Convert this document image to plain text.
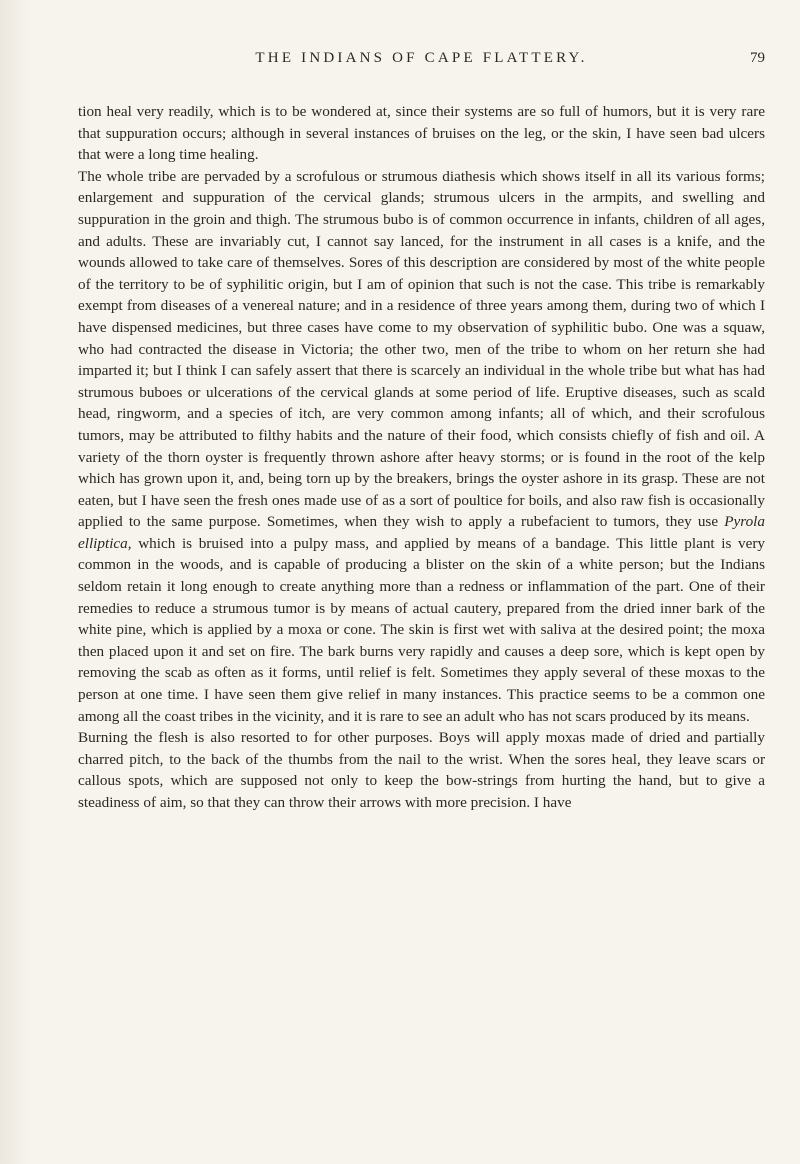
THE INDIANS OF CAPE FLATTERY.	79

tion heal very readily, which is to be wondered at, since their systems are so full of humors, but it is very rare that suppuration occurs; although in several instances of bruises on the leg, or the skin, I have seen bad ulcers that were a long time healing.

The whole tribe are pervaded by a scrofulous or strumous diathesis which shows itself in all its various forms; enlargement and suppuration of the cervical glands; strumous ulcers in the armpits, and swelling and suppuration in the groin and thigh. The strumous bubo is of common occurrence in infants, children of all ages, and adults. These are invariably cut, I cannot say lanced, for the instrument in all cases is a knife, and the wounds allowed to take care of themselves. Sores of this description are considered by most of the white people of the territory to be of syphilitic origin, but I am of opinion that such is not the case. This tribe is remarkably exempt from diseases of a venereal nature; and in a residence of three years among them, during two of which I have dispensed medicines, but three cases have come to my observation of syphilitic bubo. One was a squaw, who had contracted the disease in Victoria; the other two, men of the tribe to whom on her return she had imparted it; but I think I can safely assert that there is scarcely an individual in the whole tribe but what has had strumous buboes or ulcerations of the cervical glands at some period of life. Eruptive diseases, such as scald head, ringworm, and a species of itch, are very common among infants; all of which, and their scrofulous tumors, may be attributed to filthy habits and the nature of their food, which consists chiefly of fish and oil. A variety of the thorn oyster is frequently thrown ashore after heavy storms; or is found in the root of the kelp which has grown upon it, and, being torn up by the breakers, brings the oyster ashore in its grasp. These are not eaten, but I have seen the fresh ones made use of as a sort of poultice for boils, and also raw fish is occasionally applied to the same purpose. Sometimes, when they wish to apply a rubefacient to tumors, they use Pyrola elliptica, which is bruised into a pulpy mass, and applied by means of a bandage. This little plant is very common in the woods, and is capable of producing a blister on the skin of a white person; but the Indians seldom retain it long enough to create anything more than a redness or inflammation of the part. One of their remedies to reduce a strumous tumor is by means of actual cautery, prepared from the dried inner bark of the white pine, which is applied by a moxa or cone. The skin is first wet with saliva at the desired point; the moxa then placed upon it and set on fire. The bark burns very rapidly and causes a deep sore, which is kept open by removing the scab as often as it forms, until relief is felt. Sometimes they apply several of these moxas to the person at one time. I have seen them give relief in many instances. This practice seems to be a common one among all the coast tribes in the vicinity, and it is rare to see an adult who has not scars produced by its means.

Burning the flesh is also resorted to for other purposes. Boys will apply moxas made of dried and partially charred pitch, to the back of the thumbs from the nail to the wrist. When the sores heal, they leave scars or callous spots, which are supposed not only to keep the bow-strings from hurting the hand, but to give a steadiness of aim, so that they can throw their arrows with more precision. I have
